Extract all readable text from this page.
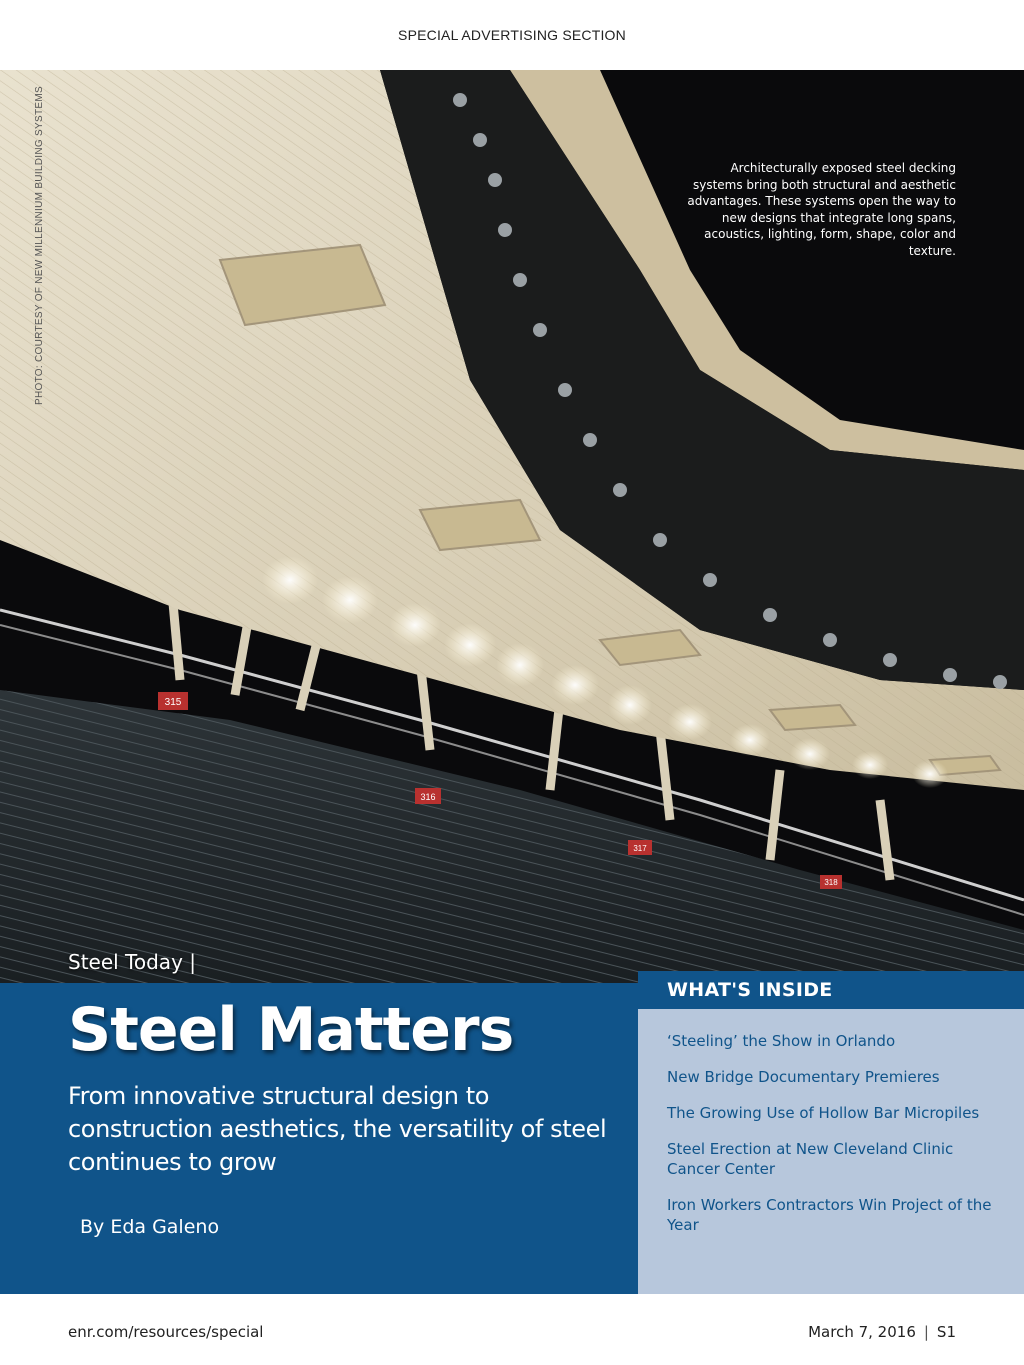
SPECIAL ADVERTISING SECTION
315
316
317
318
Architecturally exposed steel decking systems bring both structural and aesthetic advantages. These systems open the way to new designs that integrate long spans, acoustics, lighting, form, shape, color and texture.
PHOTO: COURTESY OF NEW MILLENNIUM BUILDING SYSTEMS
Steel Today |
Steel Matters
From innovative structural design to construction aesthetics, the versatility of steel continues to grow
By Eda Galeno
WHAT'S INSIDE
‘Steeling’ the Show in Orlando
New Bridge Documentary Premieres
The Growing Use of Hollow Bar Micropiles
Steel Erection at New Cleveland Clinic Cancer Center
Iron Workers Contractors Win Project of the Year
enr.com/resources/special	March 7, 2016 | S1
